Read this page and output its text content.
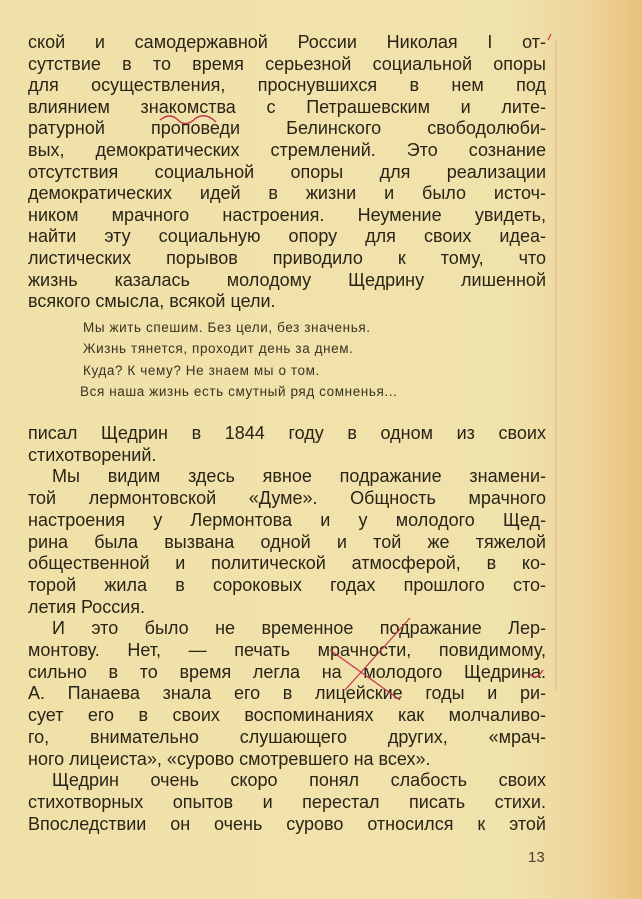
ской и самодержавной России Николая I от-
сутствие в то время серьезной социальной опоры
для осуществления, проснувшихся в нем под
влиянием знакомства с Петрашевским и лите-
ратурной проповеди Белинского свободолюби-
вых, демократических стремлений. Это сознание
отсутствия социальной опоры для реализации
демократических идей в жизни и было источ-
ником мрачного настроения. Неумение увидеть,
найти эту социальную опору для своих идеа-
листических порывов приводило к тому, что
жизнь казалась молодому Щедрину лишенной
всякого смысла, всякой цели.
Мы жить спешим. Без цели, без значенья.
Жизнь тянется, проходит день за днем.
Куда? К чему? Не знаем мы о том.
Вся наша жизнь есть смутный ряд сомненья...
писал Щедрин в 1844 году в одном из своих
стихотворений.
Мы видим здесь явное подражание знамени-
той лермонтовской «Думе». Общность мрачного
настроения у Лермонтова и у молодого Щед-
рина была вызвана одной и той же тяжелой
общественной и политической атмосферой, в ко-
торой жила в сороковых годах прошлого сто-
летия Россия.
И это было не временное подражание Лер-
монтову. Нет, — печать мрачности, повидимому,
сильно в то время легла на молодого Щедрина.
А. Панаева знала его в лицейские годы и ри-
сует его в своих воспоминаниях как молчаливо-
го, внимательно слушающего других, «мрач-
ного лицеиста», «сурово смотревшего на всех».
Щедрин очень скоро понял слабость своих
стихотворных опытов и перестал писать стихи.
Впоследствии он очень сурово относился к этой
13
